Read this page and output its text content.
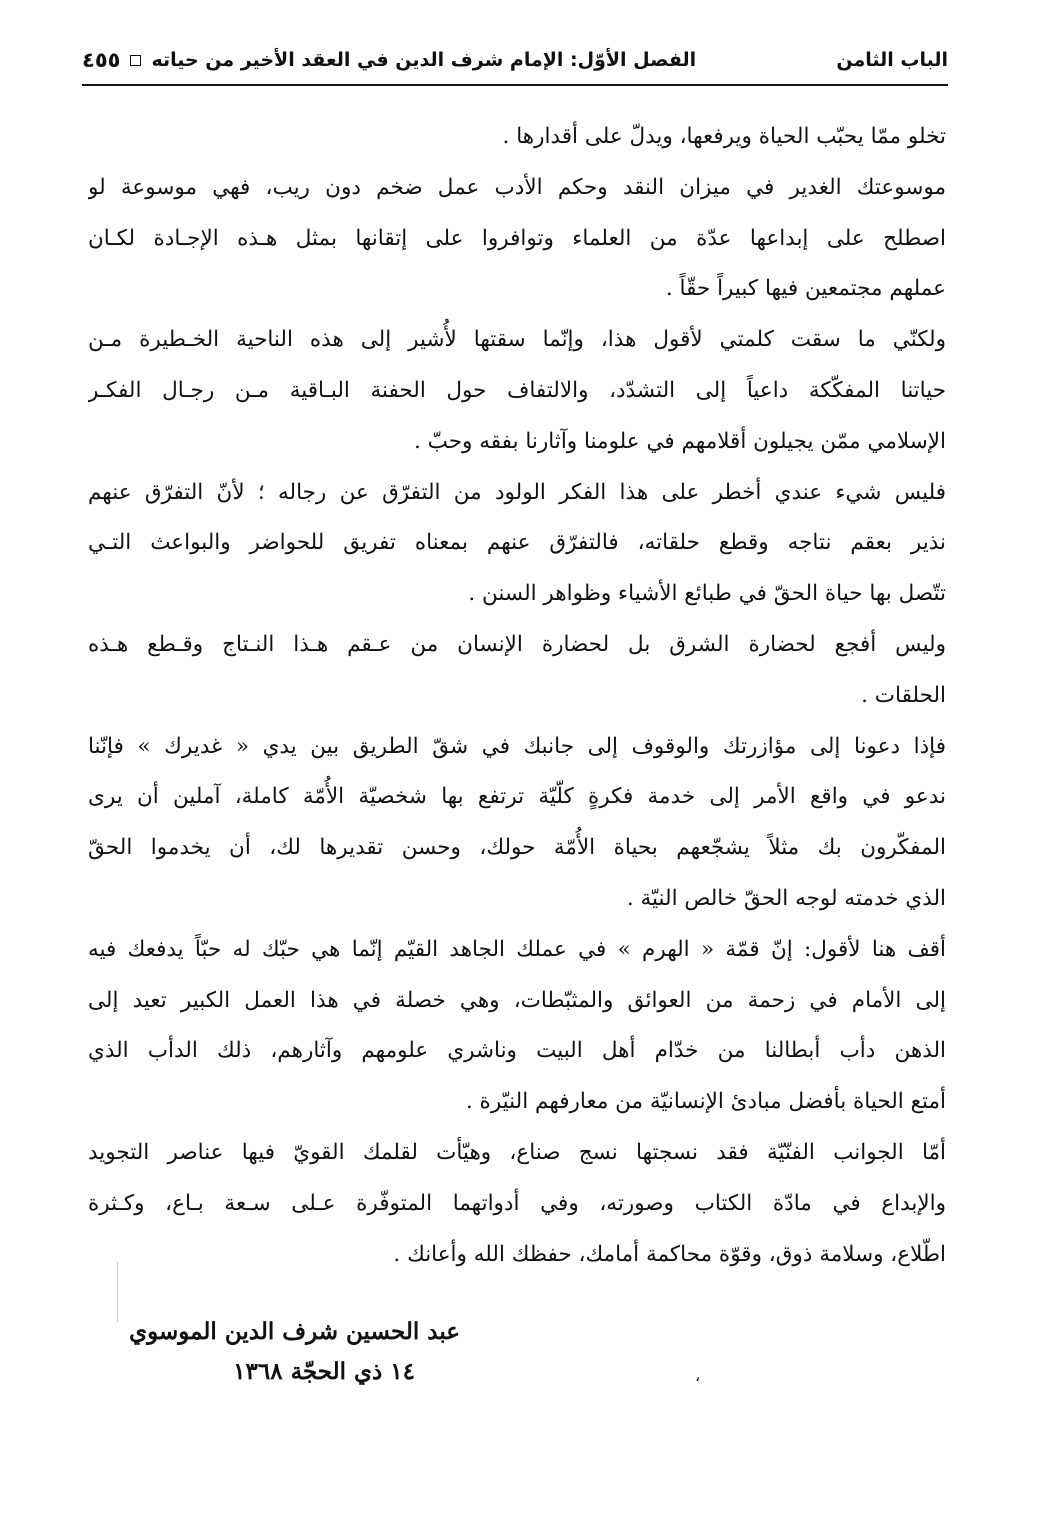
الباب الثامن
الفصل الأوّل: الإمام شرف الدين في العقد الأخير من حياته
٤٥٥
تخلو ممّا يحبّب الحياة ويرفعها، ويدلّ على أقدارها .
موسوعتك الغدير في ميزان النقد وحكم الأدب عمل ضخم دون ريب، فهي موسوعة لو
اصطلح على إبداعها عدّة من العلماء وتوافروا على إتقانها بمثل هـذه الإجـادة لكـان
عملهم مجتمعين فيها كبيراً حقّاً .
ولكنّي ما سقت كلمتي لأقول هذا، وإنّما سقتها لأُشير إلى هذه الناحية الخـطيرة مـن
حياتنا المفكّكة داعياً إلى التشدّد، والالتفاف حول الحفنة البـاقية مـن رجـال الفكـر
الإسلامي ممّن يجيلون أقلامهم في علومنا وآثارنا بفقه وحبّ .
فليس شيء عندي أخطر على هذا الفكر الولود من التفرّق عن رجاله ؛ لأنّ التفرّق عنهم
نذير بعقم نتاجه وقطع حلقاته، فالتفرّق عنهم بمعناه تفريق للحواضر والبواعث التـي
تتّصل بها حياة الحقّ في طبائع الأشياء وظواهر السنن .
وليس أفجع لحضارة الشرق بل لحضارة الإنسان من عـقم هـذا النـتاج وقـطع هـذه
الحلقات .
فإذا دعونا إلى مؤازرتك والوقوف إلى جانبك في شقّ الطريق بين يدي « غديرك » فإنّنا
ندعو في واقع الأمر إلى خدمة فكرةٍ كلّيّة ترتفع بها شخصيّة الأُمّة كاملة، آملين أن يرى
المفكّرون بك مثلاً يشجّعهم بحياة الأُمّة حولك، وحسن تقديرها لك، أن يخدموا الحقّ
الذي خدمته لوجه الحقّ خالص النيّة .
أقف هنا لأقول: إنّ قمّة « الهرم » في عملك الجاهد القيّم إنّما هي حبّك له حبّاً يدفعك فيه
إلى الأمام في زحمة من العوائق والمثبّطات، وهي خصلة في هذا العمل الكبير تعيد إلى
الذهن دأب أبطالنا من خدّام أهل البيت وناشري علومهم وآثارهم، ذلك الدأب الذي
أمتع الحياة بأفضل مبادئ الإنسانيّة من معارفهم النيّرة .
أمّا الجوانب الفنّيّة فقد نسجتها نسج صناع، وهيّأت لقلمك القويّ فيها عناصر التجويد
والإبداع في مادّة الكتاب وصورته، وفي أدواتهما المتوفّرة عـلى سـعة بـاع، وكـثرة
اطّلاع، وسلامة ذوق، وقوّة محاكمة أمامك، حفظك الله وأعانك .
عبد الحسين شرف الدين الموسوي
١٤ ذي الحجّة ١٣٦٨	،
